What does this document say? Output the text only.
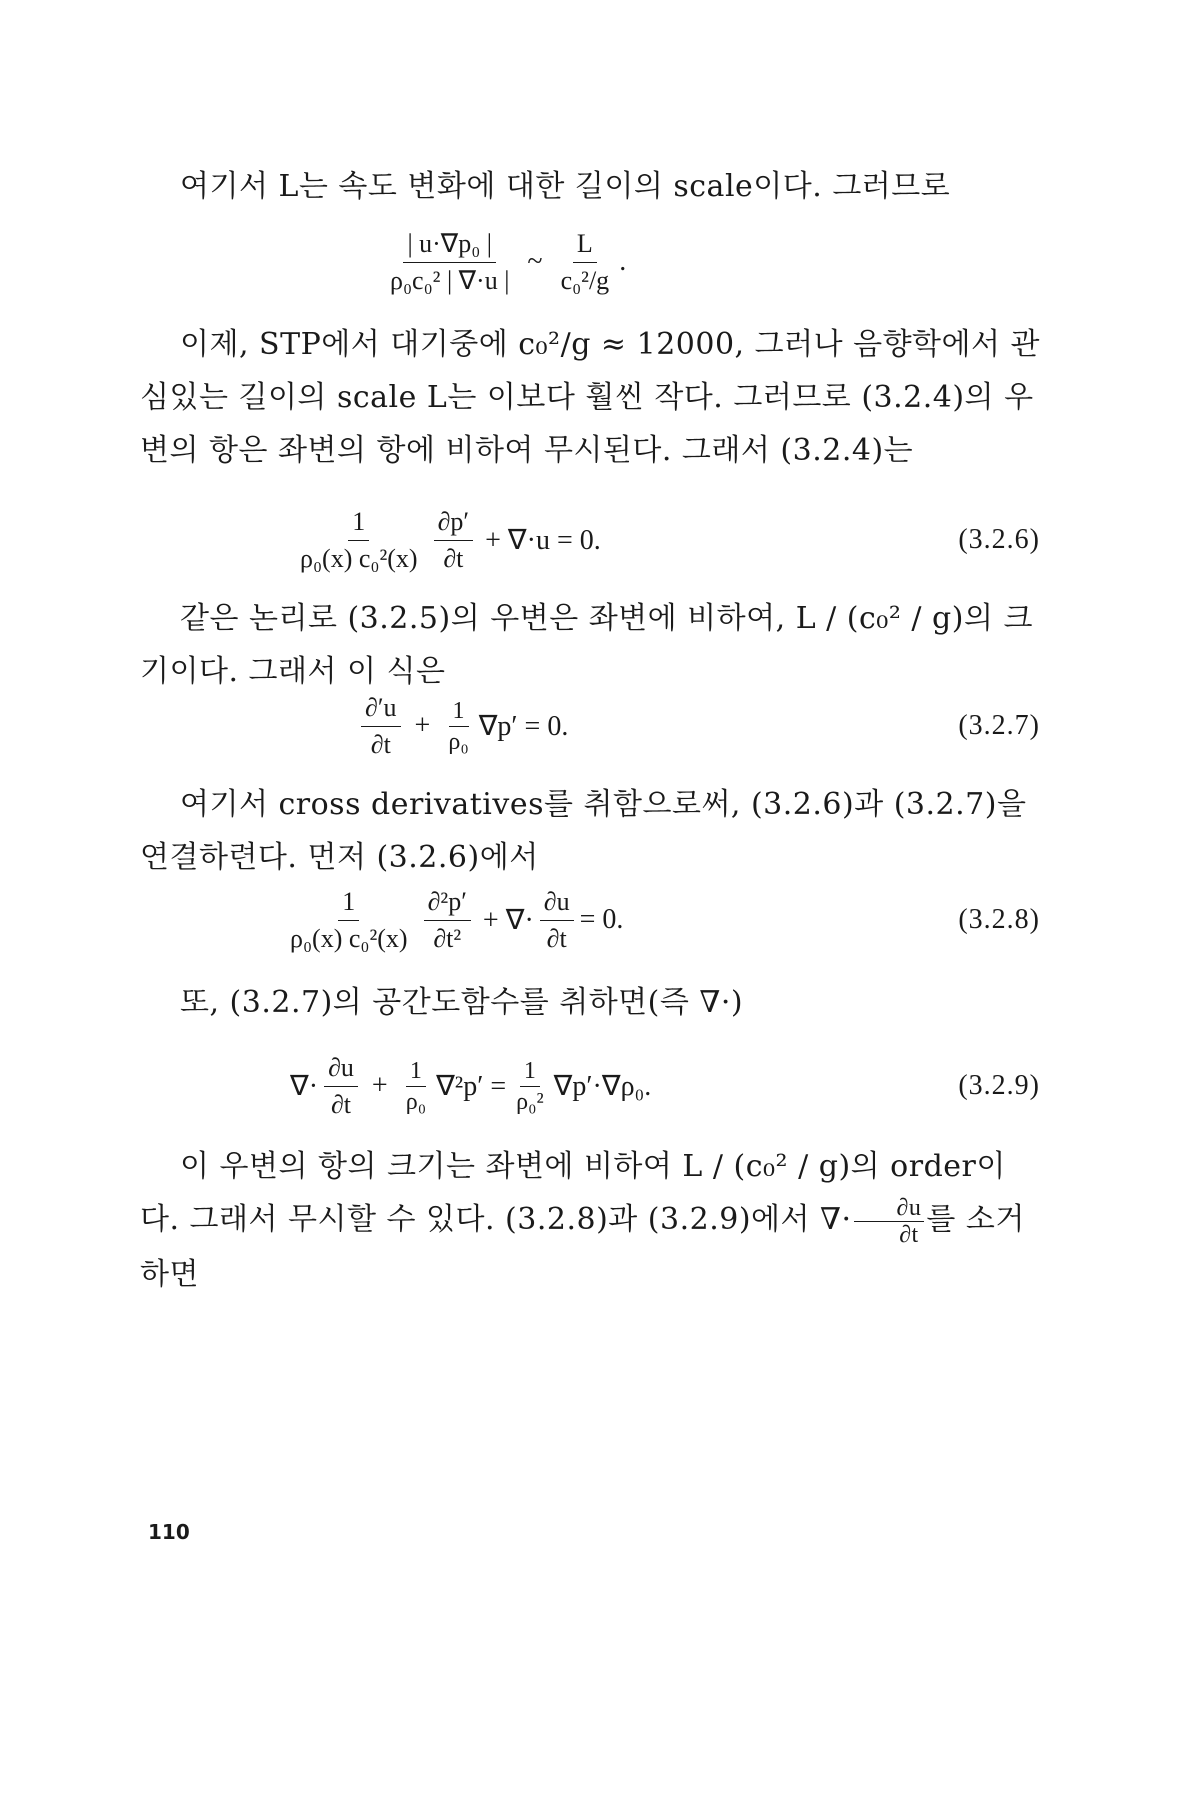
여기서 L는 속도 변화에 대한 길이의 scale이다. 그러므로

$\frac{\text{| u·∇p₀ |}}{\text{ρ₀c₀² | ∇·u |}}$ ~ $\frac{L}{\text{c₀²/g}}$ .

이제, STP에서 대기중에 c₀²/g ≈ 12000, 그러나 음향학에서 관심있는 길이의 scale L는 이보다 훨씬 작다. 그러므로 (3.2.4)의 우변의 항은 좌변의 항에 비하여 무시된다. 그래서 (3.2.4)는

$\frac{1}{\text{ρ₀(x) c₀²(x)}} \frac{\partial p'}{\partial t} + \nabla\cdot u = 0$.	(3.2.6)

같은 논리로 (3.2.5)의 우변은 좌변에 비하여, L / (c₀² / g)의 크기이다. 그래서 이 식은

$\frac{\partial'u}{\partial t} + \frac{1}{\text{ρ₀}} \nabla p' = 0$.	(3.2.7)

여기서 cross derivatives를 취함으로써, (3.2.6)과 (3.2.7)을 연결하련다. 먼저 (3.2.6)에서

$\frac{1}{\text{ρ₀(x) c₀²(x)}} \frac{\text{∂²p′}}{\text{∂t²}}$ + ∇· $\frac{\partial u}{\partial t} = 0$.	(3.2.8)

또, (3.2.7)의 공간도함수를 취하면(즉 ∇·)

∇· $\frac{\partial u}{\partial t} + \frac{1}{\text{ρ₀}} \nabla^2p' = \frac{1}{\text{ρ₀²}} \nabla p'\cdot\nabla\rho_0$.	(3.2.9)

이 우변의 항의 크기는 좌변에 비하여 L / (c₀² / g)의 order이다. 그래서 무시할 수 있다. (3.2.8)과 (3.2.9)에서 ∇· $\frac{\partial u}{\partial t}$ 를 소거하면

110
